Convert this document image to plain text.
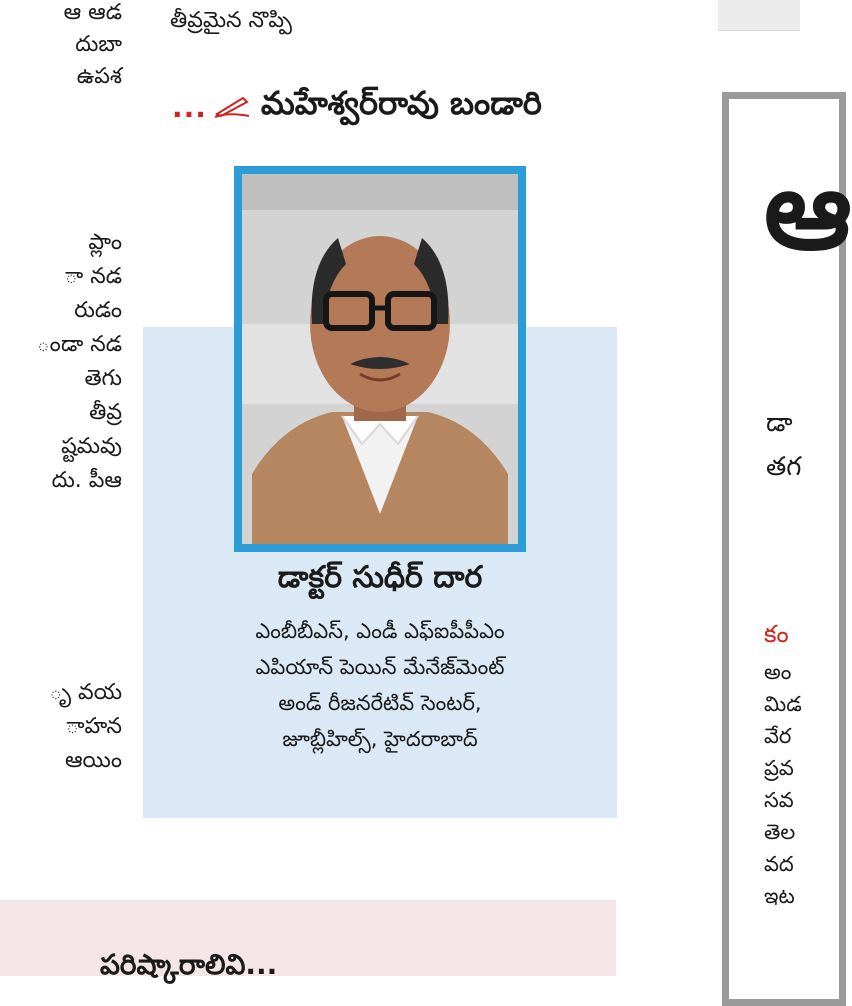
ఆ ఆడ
దుబా
ఉపశ
ప్లాం
ా నడ
రుడం
ండా నడ
తెగు
తీవ్ర
ష్టమవు
దు. పీఆ
ృ వయ
ాహన
ఆయిం
తీవ్రమైన నొప్పి
... మహేశ్వర్‌రావు బండారి
డాక్టర్ సుధీర్ దార
ఎంబీబీఎస్, ఎండీ ఎఫ్ఐపీపీఎం
ఎపియాన్ పెయిన్ మేనేజ్‌మెంట్
అండ్ రీజనరేటివ్ సెంటర్,
జూబ్లీహిల్స్, హైదరాబాద్
పరిష్కారాలివి...
ఆ
డా
తగ
కం
అం
మిడ
వేర
ప్రవ
సవ
తెల
వద
ఇట
